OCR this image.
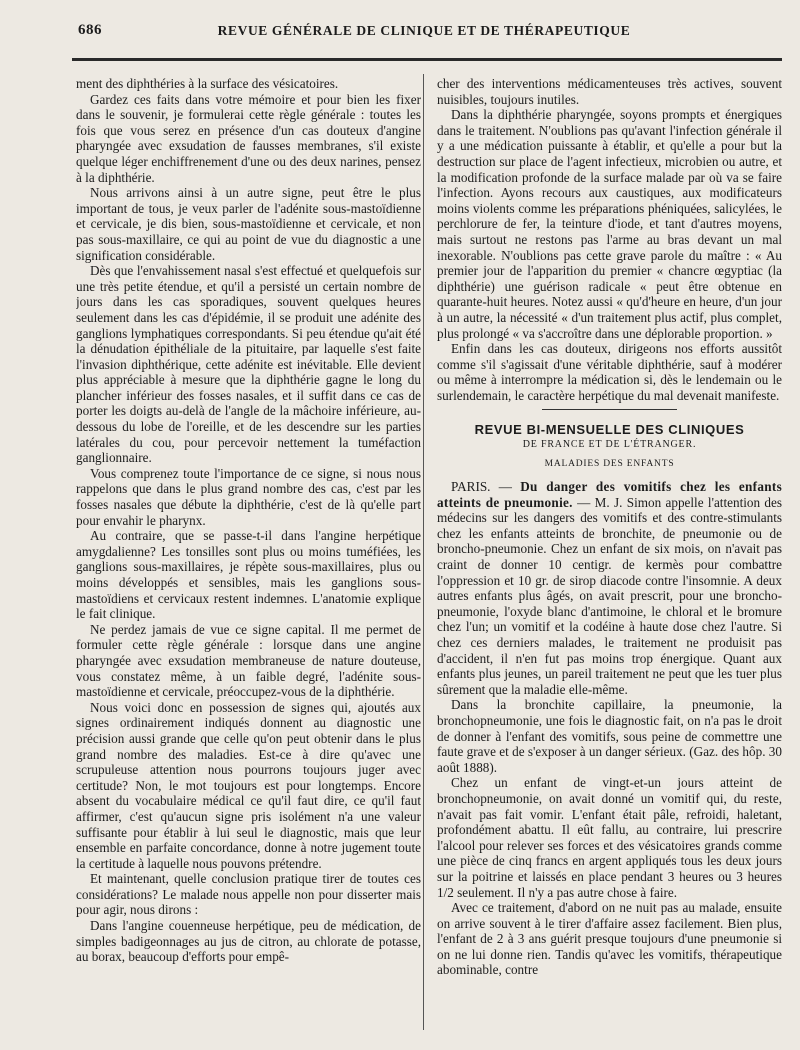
686	REVUE GÉNÉRALE DE CLINIQUE ET DE THÉRAPEUTIQUE

ment des diphthéries à la surface des vésicatoires.

Gardez ces faits dans votre mémoire et pour bien les fixer dans le souvenir, je formulerai cette règle générale : toutes les fois que vous serez en présence d'un cas douteux d'angine pharyngée avec exsudation de fausses membranes, s'il existe quelque léger enchiffrenement d'une ou des deux narines, pensez à la diphthérie.

Nous arrivons ainsi à un autre signe, peut être le plus important de tous, je veux parler de l'adénite sous-mastoïdienne et cervicale, je dis bien, sous-mastoïdienne et cervicale, et non pas sous-maxillaire, ce qui au point de vue du diagnostic a une signification considérable.

Dès que l'envahissement nasal s'est effectué et quelquefois sur une très petite étendue, et qu'il a persisté un certain nombre de jours dans les cas sporadiques, souvent quelques heures seulement dans les cas d'épidémie, il se produit une adénite des ganglions lymphatiques correspondants. Si peu étendue qu'ait été la dénudation épithéliale de la pituitaire, par laquelle s'est faite l'invasion diphthérique, cette adénite est inévitable. Elle devient plus appréciable à mesure que la diphthérie gagne le long du plancher inférieur des fosses nasales, et il suffit dans ce cas de porter les doigts au-delà de l'angle de la mâchoire inférieure, au-dessous du lobe de l'oreille, et de les descendre sur les parties latérales du cou, pour percevoir nettement la tuméfaction ganglionnaire.

Vous comprenez toute l'importance de ce signe, si nous nous rappelons que dans le plus grand nombre des cas, c'est par les fosses nasales que débute la diphthérie, c'est de là qu'elle part pour envahir le pharynx.

Au contraire, que se passe-t-il dans l'angine herpétique amygdalienne? Les tonsilles sont plus ou moins tuméfiées, les ganglions sous-maxillaires, je répète sous-maxillaires, plus ou moins développés et sensibles, mais les ganglions sous-mastoïdiens et cervicaux restent indemnes. L'anatomie explique le fait clinique.

Ne perdez jamais de vue ce signe capital. Il me permet de formuler cette règle générale : lorsque dans une angine pharyngée avec exsudation membraneuse de nature douteuse, vous constatez même, à un faible degré, l'adénite sous-mastoïdienne et cervicale, préoccupez-vous de la diphthérie.

Nous voici donc en possession de signes qui, ajoutés aux signes ordinairement indiqués donnent au diagnostic une précision aussi grande que celle qu'on peut obtenir dans le plus grand nombre des maladies. Est-ce à dire qu'avec une scrupuleuse attention nous pourrons toujours juger avec certitude? Non, le mot toujours est pour longtemps. Encore absent du vocabulaire médical ce qu'il faut dire, ce qu'il faut affirmer, c'est qu'aucun signe pris isolément n'a une valeur suffisante pour établir à lui seul le diagnostic, mais que leur ensemble en parfaite concordance, donne à notre jugement toute la certitude à laquelle nous pouvons prétendre.

Et maintenant, quelle conclusion pratique tirer de toutes ces considérations? Le malade nous appelle non pour disserter mais pour agir, nous dirons :

Dans l'angine couenneuse herpétique, peu de médication, de simples badigeonnages au jus de citron, au chlorate de potasse, au borax, beaucoup d'efforts pour empê-

cher des interventions médicamenteuses très actives, souvent nuisibles, toujours inutiles.

Dans la diphthérie pharyngée, soyons prompts et énergiques dans le traitement. N'oublions pas qu'avant l'infection générale il y a une médication puissante à établir, et qu'elle a pour but la destruction sur place de l'agent infectieux, microbien ou autre, et la modification profonde de la surface malade par où va se faire l'infection. Ayons recours aux caustiques, aux modificateurs moins violents comme les préparations phéniquées, salicylées, le perchlorure de fer, la teinture d'iode, et tant d'autres moyens, mais surtout ne restons pas l'arme au bras devant un mal inexorable. N'oublions pas cette grave parole du maître : « Au premier jour de l'apparition du premier « chancre œgyptiac (la diphthérie) une guérison radicale « peut être obtenue en quarante-huit heures. Notez aussi « qu'd'heure en heure, d'un jour à un autre, la nécessité « d'un traitement plus actif, plus complet, plus prolongé « va s'accroître dans une déplorable proportion. »

Enfin dans les cas douteux, dirigeons nos efforts aussitôt comme s'il s'agissait d'une véritable diphthérie, sauf à modérer ou même à interrompre la médication si, dès le lendemain ou le surlendemain, le caractère herpétique du mal devenait manifeste.

REVUE BI-MENSUELLE DES CLINIQUES
DE FRANCE ET DE L'ÉTRANGER.
MALADIES DES ENFANTS

PARIS. — Du danger des vomitifs chez les enfants atteints de pneumonie. — M. J. Simon appelle l'attention des médecins sur les dangers des vomitifs et des contre-stimulants chez les enfants atteints de bronchite, de pneumonie ou de broncho-pneumonie. Chez un enfant de six mois, on n'avait pas craint de donner 10 centigr. de kermès pour combattre l'oppression et 10 gr. de sirop diacode contre l'insomnie. A deux autres enfants plus âgés, on avait prescrit, pour une broncho-pneumonie, l'oxyde blanc d'antimoine, le chloral et le bromure chez l'un; un vomitif et la codéine à haute dose chez l'autre. Si chez ces derniers malades, le traitement ne produisit pas d'accident, il n'en fut pas moins trop énergique. Quant aux enfants plus jeunes, un pareil traitement ne peut que les tuer plus sûrement que la maladie elle-même.

Dans la bronchite capillaire, la pneumonie, la bronchopneumonie, une fois le diagnostic fait, on n'a pas le droit de donner à l'enfant des vomitifs, sous peine de commettre une faute grave et de s'exposer à un danger sérieux. (Gaz. des hôp. 30 août 1888).

Chez un enfant de vingt-et-un jours atteint de bronchopneumonie, on avait donné un vomitif qui, du reste, n'avait pas fait vomir. L'enfant était pâle, refroidi, haletant, profondément abattu. Il eût fallu, au contraire, lui prescrire l'alcool pour relever ses forces et des vésicatoires grands comme une pièce de cinq francs en argent appliqués tous les deux jours sur la poitrine et laissés en place pendant 3 heures ou 3 heures 1/2 seulement. Il n'y a pas autre chose à faire.

Avec ce traitement, d'abord on ne nuit pas au malade, ensuite on arrive souvent à le tirer d'affaire assez facilement. Bien plus, l'enfant de 2 à 3 ans guérit presque toujours d'une pneumonie si on ne lui donne rien. Tandis qu'avec les vomitifs, thérapeutique abominable, contre
